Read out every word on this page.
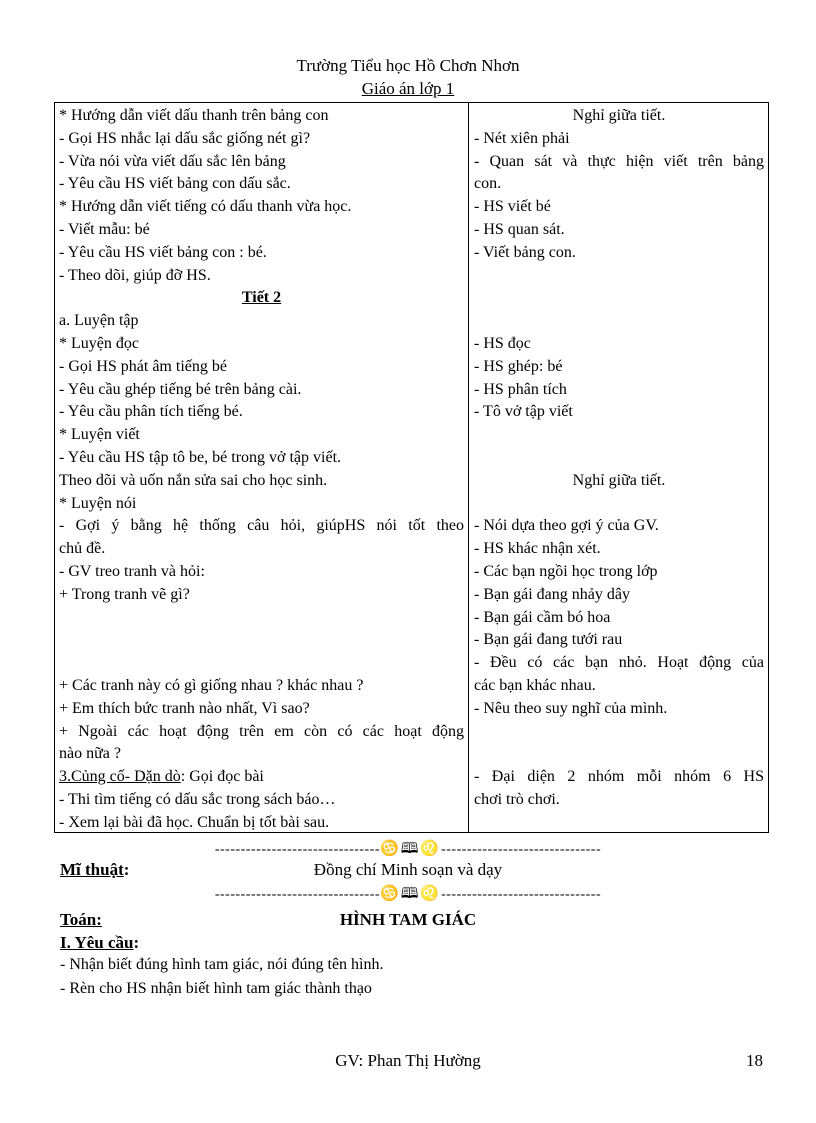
Trường Tiểu học Hồ Chơn Nhơn
Giáo án lớp 1
* Hướng dẫn viết dấu thanh trên bảng con
- Gọi HS nhắc lại dấu sắc giống nét gì?
- Vừa nói vừa viết dấu sắc lên bảng
- Yêu cầu HS viết bảng con dấu sắc.
* Hướng dẫn viết tiếng có dấu thanh vừa học.
- Viết mẫu: bé
- Yêu cầu HS viết bảng con : bé.
- Theo dõi, giúp đỡ HS.
Tiết 2
a. Luyện tập
* Luyện đọc
- Gọi HS phát âm tiếng bé
- Yêu cầu ghép tiếng bé trên bảng cài.
- Yêu cầu phân tích tiếng bé.
* Luyện viết
- Yêu cầu HS tập tô be, bé trong vở tập viết.
Theo dõi và uốn nắn sửa sai cho học sinh.
* Luyện nói
- Gợi ý bằng hệ thống câu hỏi, giúpHS nói tốt theo
chủ đề.
- GV treo tranh và hỏi:
+ Trong tranh vẽ gì?
+ Các tranh này có gì giống nhau ? khác nhau ?
+ Em thích bức tranh nào nhất, Vì sao?
+ Ngoài các hoạt động trên em còn có các hoạt động
nào nữa ?
3.Củng cố- Dặn dò: Gọi đọc bài
- Thi tìm tiếng có dấu sắc trong sách báo…
- Xem lại bài đã học. Chuẩn bị tốt bài sau.
Nghỉ giữa tiết.
- Nét xiên phải
- Quan sát và thực hiện viết trên bảng
con.
- HS viết bé
- HS quan sát.
- Viết bảng con.
- HS đọc
- HS ghép: bé
- HS phân tích
- Tô vở tập viết
Nghỉ giữa tiết.
- Nói dựa theo gợi ý của GV.
- HS khác nhận xét.
- Các bạn ngồi học trong lớp
- Bạn gái đang nhảy dây
- Bạn gái cầm bó hoa
- Bạn gái đang tưới rau
- Đều có các bạn nhỏ. Hoạt động của
các bạn khác nhau.
- Nêu theo suy nghĩ của mình.
- Đại diện 2 nhóm mỗi nhóm 6 HS
chơi trò chơi.
--------------------------------♋🕮♌-------------------------------
Đồng chí Minh soạn và dạy
Mĩ thuật:
--------------------------------♋🕮♌-------------------------------
HÌNH TAM GIÁC
Toán:
I. Yêu cầu:
- Nhận biết đúng hình tam giác, nói đúng tên hình.
- Rèn cho HS nhận biết hình tam giác thành thạo
GV: Phan Thị Hường	18
